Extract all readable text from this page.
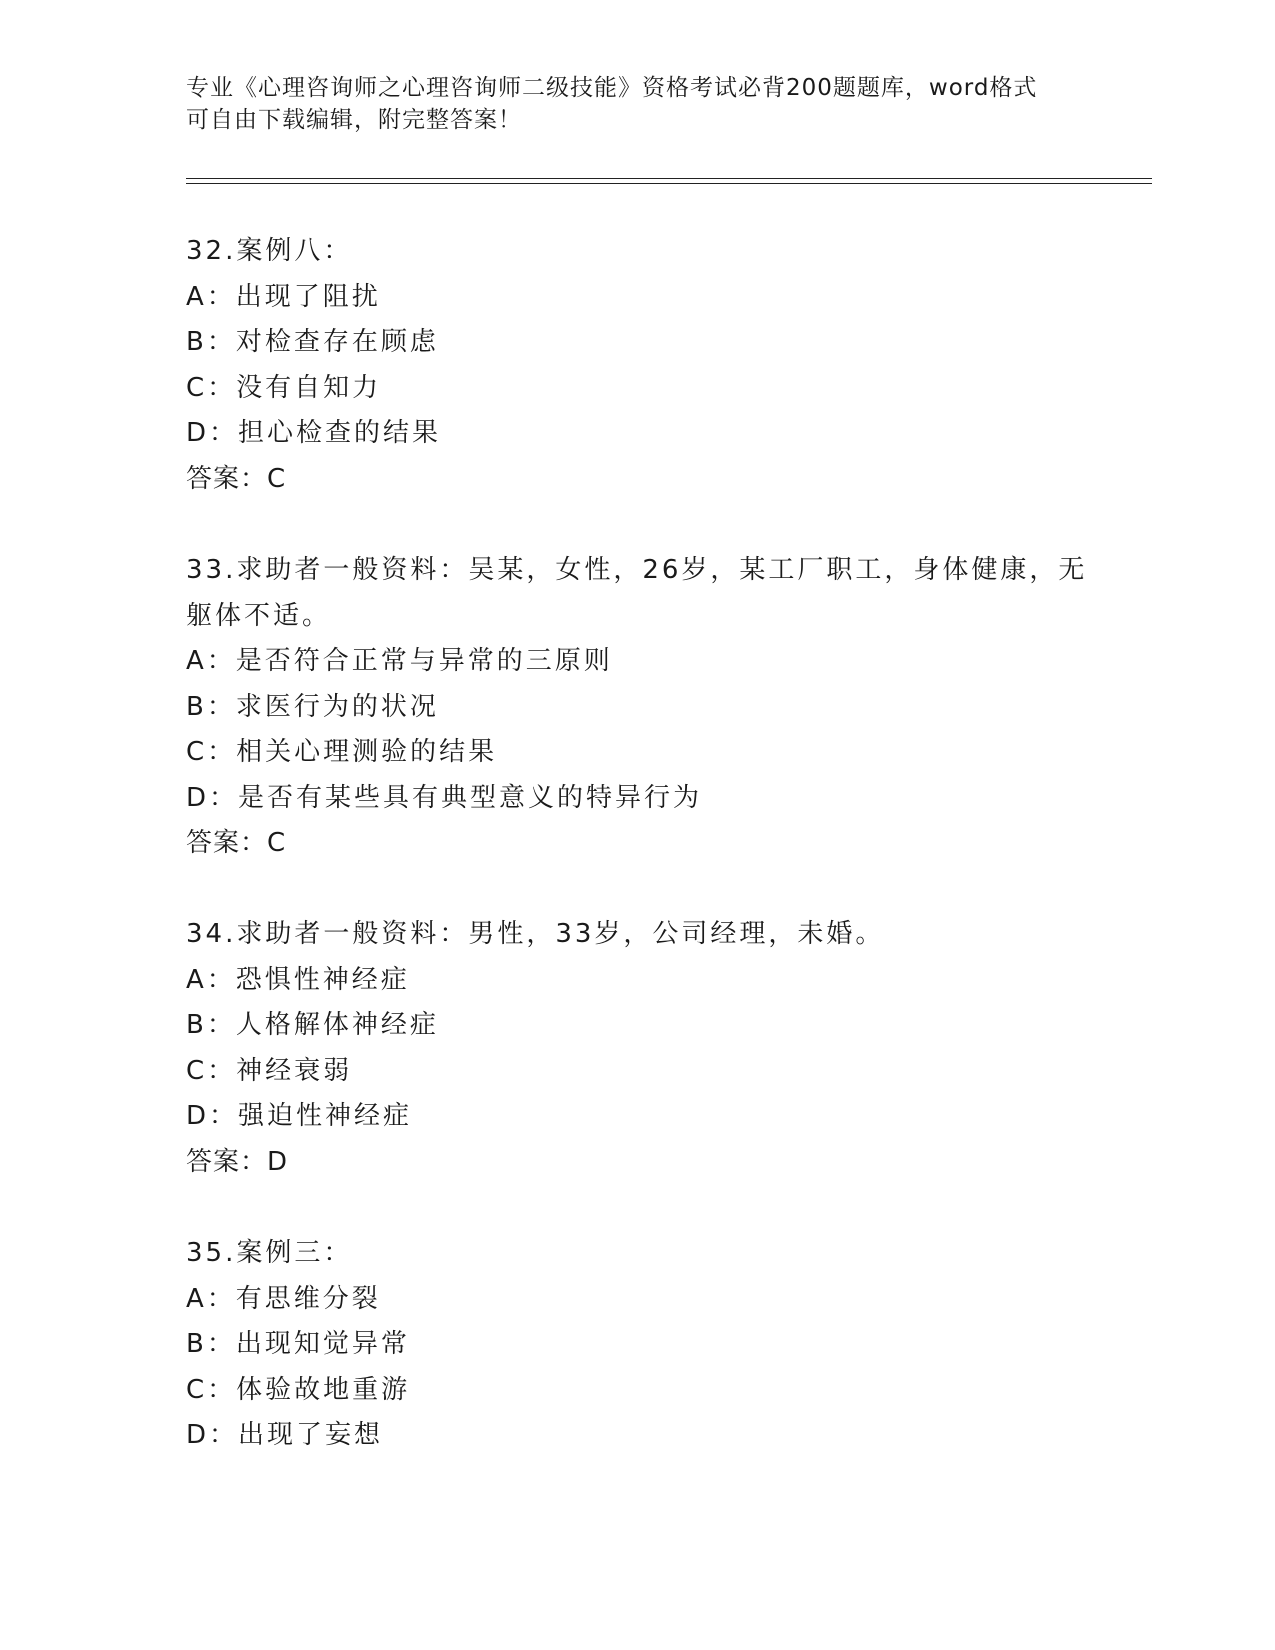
专业《心理咨询师之心理咨询师二级技能》资格考试必背200题题库，word格式
可自由下载编辑，附完整答案！
32.案例八：
A：出现了阻扰
B：对检查存在顾虑
C：没有自知力
D：担心检查的结果
答案：C
33.求助者一般资料：吴某，女性，26岁，某工厂职工，身体健康，无
躯体不适。
A：是否符合正常与异常的三原则
B：求医行为的状况
C：相关心理测验的结果
D：是否有某些具有典型意义的特异行为
答案：C
34.求助者一般资料：男性，33岁，公司经理，未婚。
A：恐惧性神经症
B：人格解体神经症
C：神经衰弱
D：强迫性神经症
答案：D
35.案例三：
A：有思维分裂
B：出现知觉异常
C：体验故地重游
D：出现了妄想
